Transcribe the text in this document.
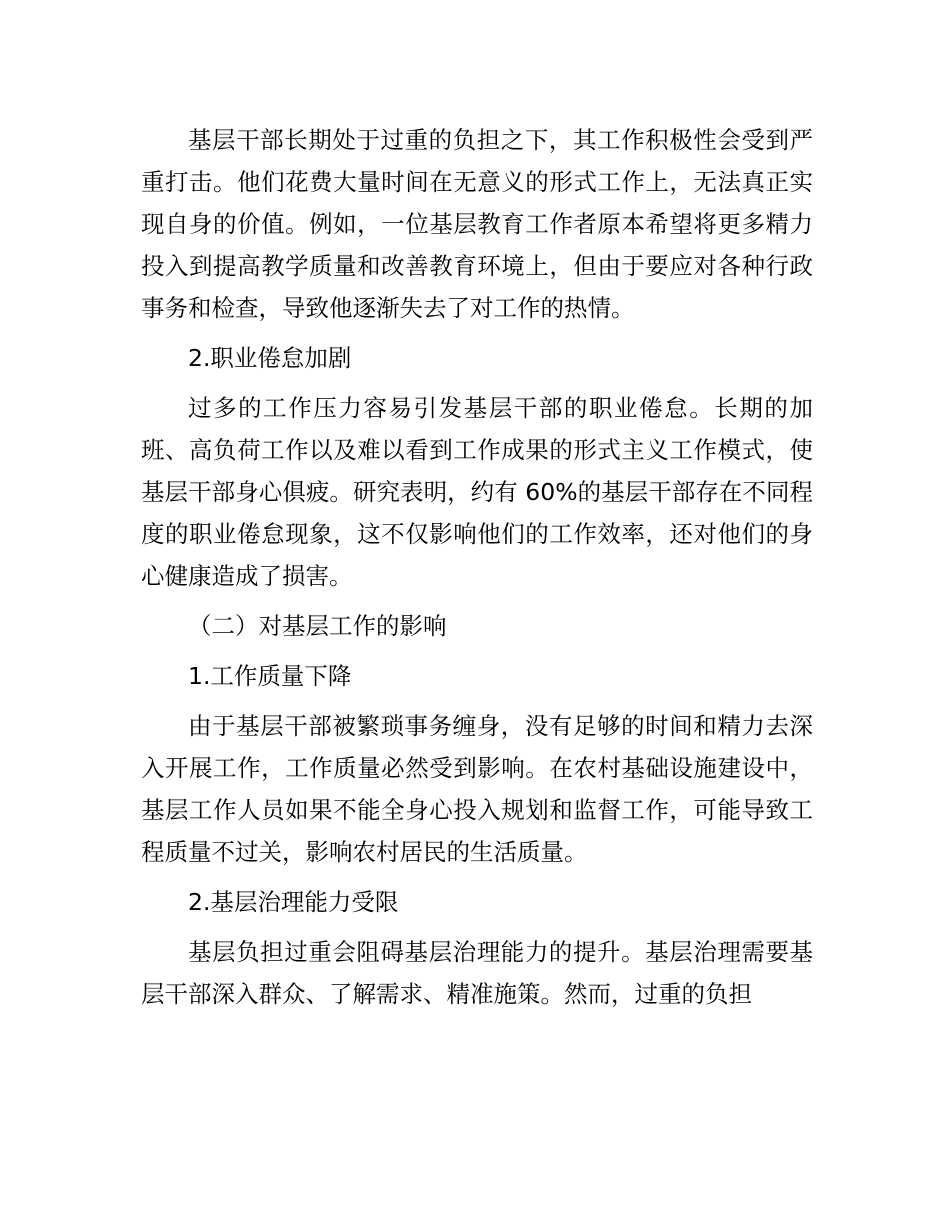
基层干部长期处于过重的负担之下，其工作积极性会受到严重打击。他们花费大量时间在无意义的形式工作上，无法真正实现自身的价值。例如，一位基层教育工作者原本希望将更多精力投入到提高教学质量和改善教育环境上，但由于要应对各种行政事务和检查，导致他逐渐失去了对工作的热情。

2.职业倦怠加剧

过多的工作压力容易引发基层干部的职业倦怠。长期的加班、高负荷工作以及难以看到工作成果的形式主义工作模式，使基层干部身心俱疲。研究表明，约有 60%的基层干部存在不同程度的职业倦怠现象，这不仅影响他们的工作效率，还对他们的身心健康造成了损害。

（二）对基层工作的影响

1.工作质量下降

由于基层干部被繁琐事务缠身，没有足够的时间和精力去深入开展工作，工作质量必然受到影响。在农村基础设施建设中，基层工作人员如果不能全身心投入规划和监督工作，可能导致工程质量不过关，影响农村居民的生活质量。

2.基层治理能力受限

基层负担过重会阻碍基层治理能力的提升。基层治理需要基层干部深入群众、了解需求、精准施策。然而，过重的负担
